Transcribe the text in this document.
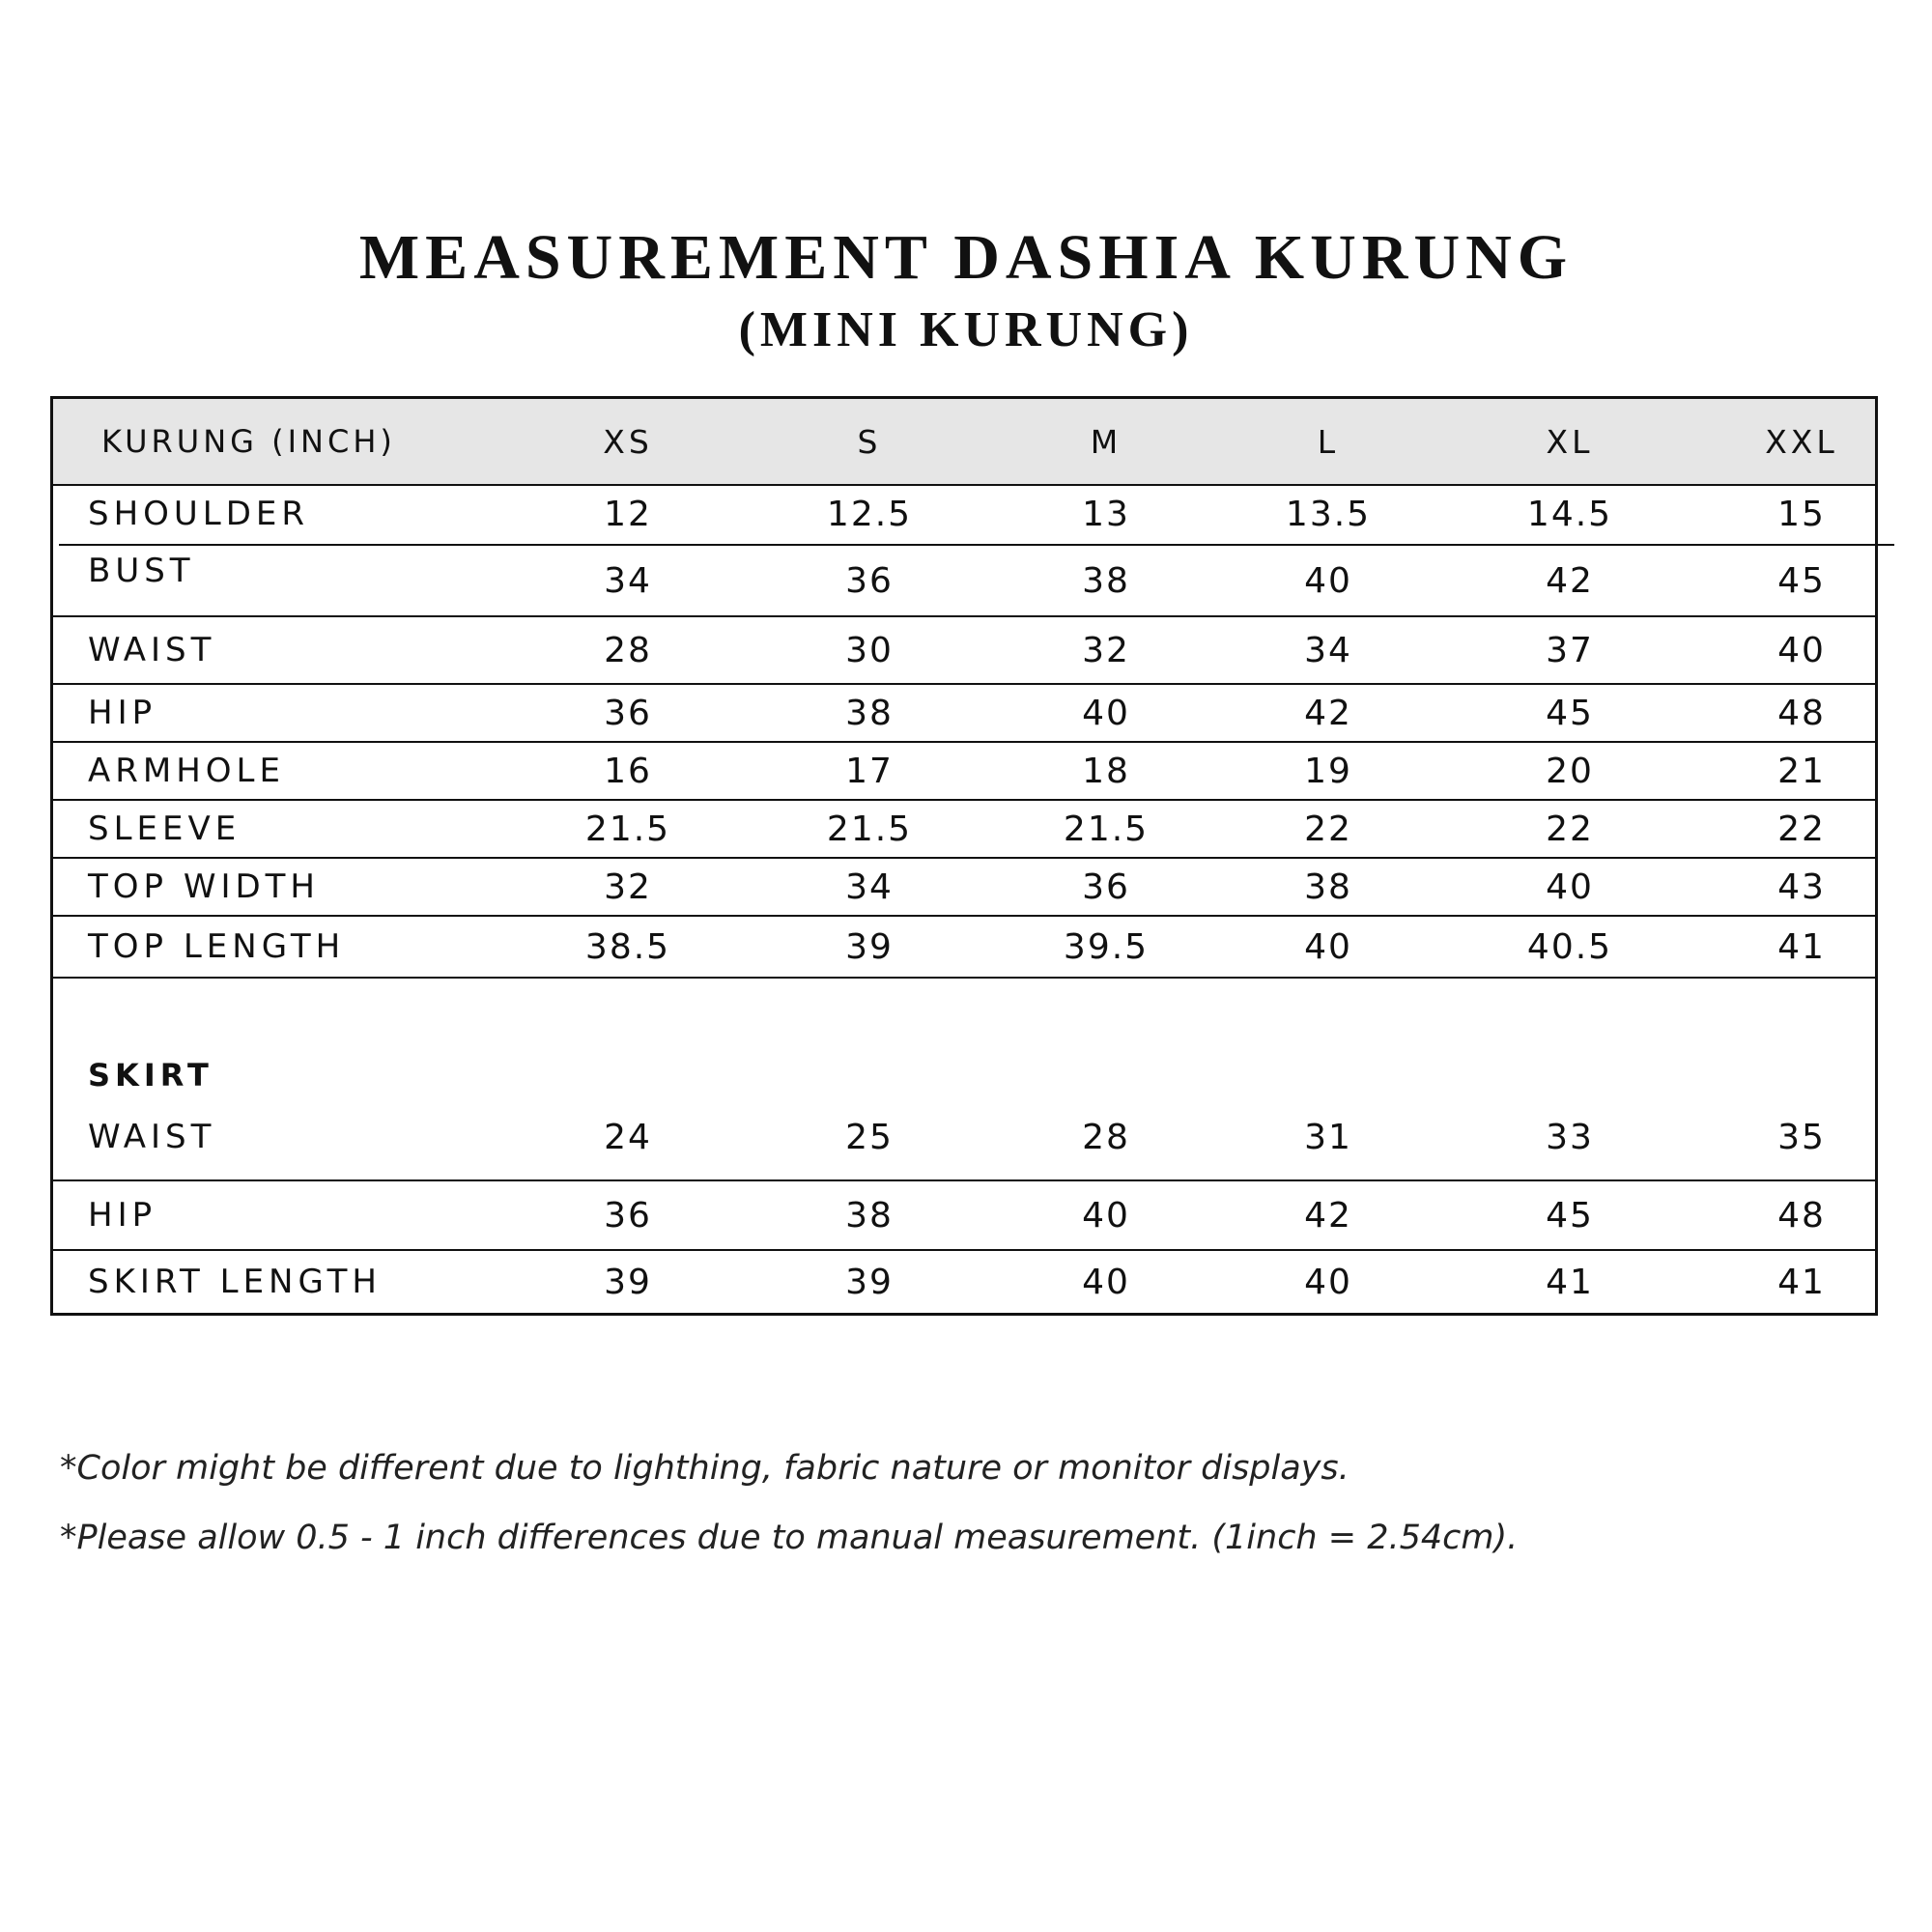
MEASUREMENT DASHIA KURUNG
(MINI KURUNG)
KURUNG (INCH)	XS	S	M	L	XL	XXL
SHOULDER	12	12.5	13	13.5	14.5	15
BUST	34	36	38	40	42	45
WAIST	28	30	32	34	37	40
HIP	36	38	40	42	45	48
ARMHOLE	16	17	18	19	20	21
SLEEVE	21.5	21.5	21.5	22	22	22
TOP WIDTH	32	34	36	38	40	43
TOP LENGTH	38.5	39	39.5	40	40.5	41
SKIRT
WAIST	24	25	28	31	33	35
HIP	36	38	40	42	45	48
SKIRT LENGTH	39	39	40	40	41	41

*Color might be different due to lighthing, fabric nature or monitor displays.

*Please allow 0.5 - 1 inch differences due to manual measurement. (1inch = 2.54cm).
